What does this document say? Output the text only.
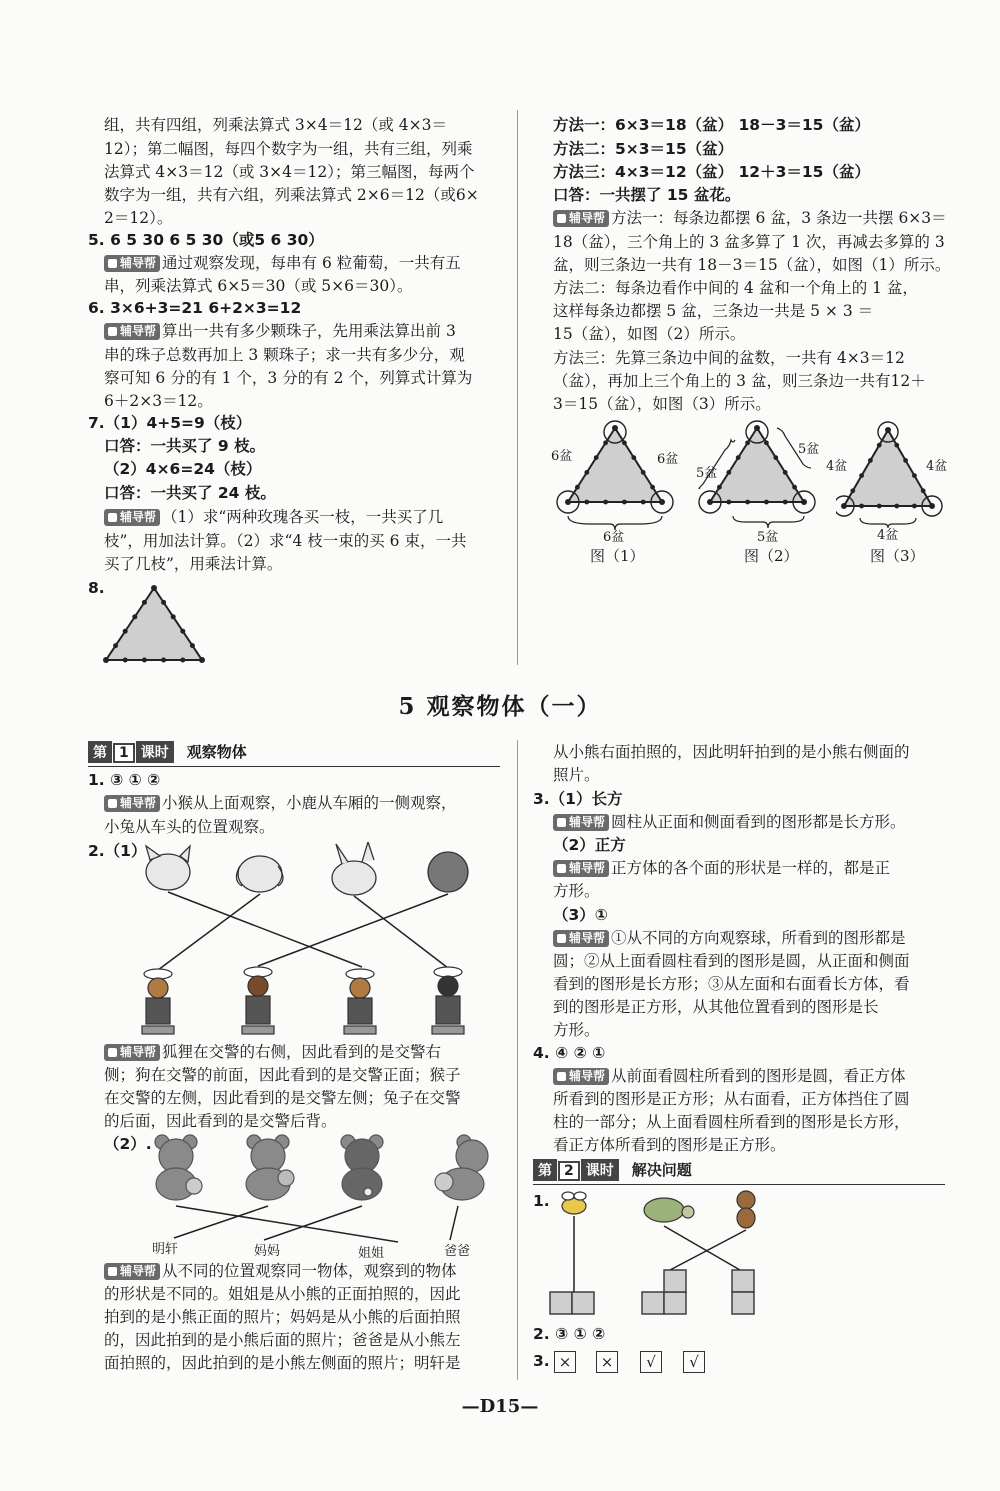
组，共有四组，列乘法算式 3×4＝12（或 4×3＝
12）；第二幅图，每四个数字为一组，共有三组，列乘
法算式 4×3＝12（或 3×4＝12）；第三幅图，每两个
数字为一组，共有六组，列乘法算式 2×6＝12（或6×
2＝12）。
5. 6 5 30 6 5 30（或5 6 30）
辅导帮 通过观察发现，每串有 6 粒葡萄，一共有五
串，列乘法算式 6×5＝30（或 5×6＝30）。
6. 3×6+3=21 6+2×3=12
辅导帮 算出一共有多少颗珠子，先用乘法算出前 3
串的珠子总数再加上 3 颗珠子；求一共有多少分，观
察可知 6 分的有 1 个，3 分的有 2 个，列算式计算为
6＋2×3＝12。
7.（1）4+5=9（枝）
口答：一共买了 9 枝。
（2）4×6=24（枝）
口答：一共买了 24 枝。
辅导帮 （1）求“两种玫瑰各买一枝，一共买了几
枝”，用加法计算。（2）求“4 枝一束的买 6 束，一共
买了几枝”，用乘法计算。
8.
方法一：6×3＝18（盆） 18－3＝15（盆）
方法二：5×3＝15（盆）
方法三：4×3＝12（盆） 12＋3＝15（盆）
口答：一共摆了 15 盆花。
辅导帮 方法一：每条边都摆 6 盆，3 条边一共摆 6×3＝
18（盆），三个角上的 3 盆多算了 1 次，再减去多算的 3
盆，则三条边一共有 18－3＝15（盆），如图（1）所示。
方法二：每条边看作中间的 4 盆和一个角上的 1 盆，
这样每条边都摆 5 盆，三条边一共是 5 × 3 ＝
15（盆），如图（2）所示。
方法三：先算三条边中间的盆数，一共有 4×3＝12
（盆），再加上三个角上的 3 盆，则三条边一共有12＋
3＝15（盆），如图（3）所示。
6盆	6盆
6盆
5盆
5盆
5盆
4盆	4盆
4盆
图（1）	图（2）	图（3）
5 观察物体（一）
第 1 课时 观察物体
1. ③ ① ②
辅导帮 小猴从上面观察，小鹿从车厢的一侧观察，
小兔从车头的位置观察。
2.（1）
辅导帮 狐狸在交警的右侧，因此看到的是交警右
侧；狗在交警的前面，因此看到的是交警正面；猴子
在交警的左侧，因此看到的是交警左侧；兔子在交警
的后面，因此看到的是交警后背。
（2）.
明轩	妈妈	姐姐	爸爸
辅导帮 从不同的位置观察同一物体，观察到的物体
的形状是不同的。姐姐是从小熊的正面拍照的，因此
拍到的是小熊正面的照片；妈妈是从小熊的后面拍照
的，因此拍到的是小熊后面的照片；爸爸是从小熊左
面拍照的，因此拍到的是小熊左侧面的照片；明轩是
从小熊右面拍照的，因此明轩拍到的是小熊右侧面的
照片。
3.（1）长方
辅导帮 圆柱从正面和侧面看到的图形都是长方形。
（2）正方
辅导帮 正方体的各个面的形状是一样的，都是正
方形。
（3）①
辅导帮 ①从不同的方向观察球，所看到的图形都是
圆；②从上面看圆柱看到的图形是圆，从正面和侧面
看到的图形是长方形；③从左面和右面看长方体，看
到的图形是正方形，从其他位置看到的图形是长
方形。
4. ④ ② ①
辅导帮 从前面看圆柱所看到的图形是圆，看正方体
所看到的图形是正方形；从右面看，正方体挡住了圆
柱的一部分；从上面看圆柱所看到的图形是长方形，
看正方体所看到的图形是正方形。
第 2 课时 解决问题
1.
2. ③ ① ②
3. ×	×	√	√
—D15—
